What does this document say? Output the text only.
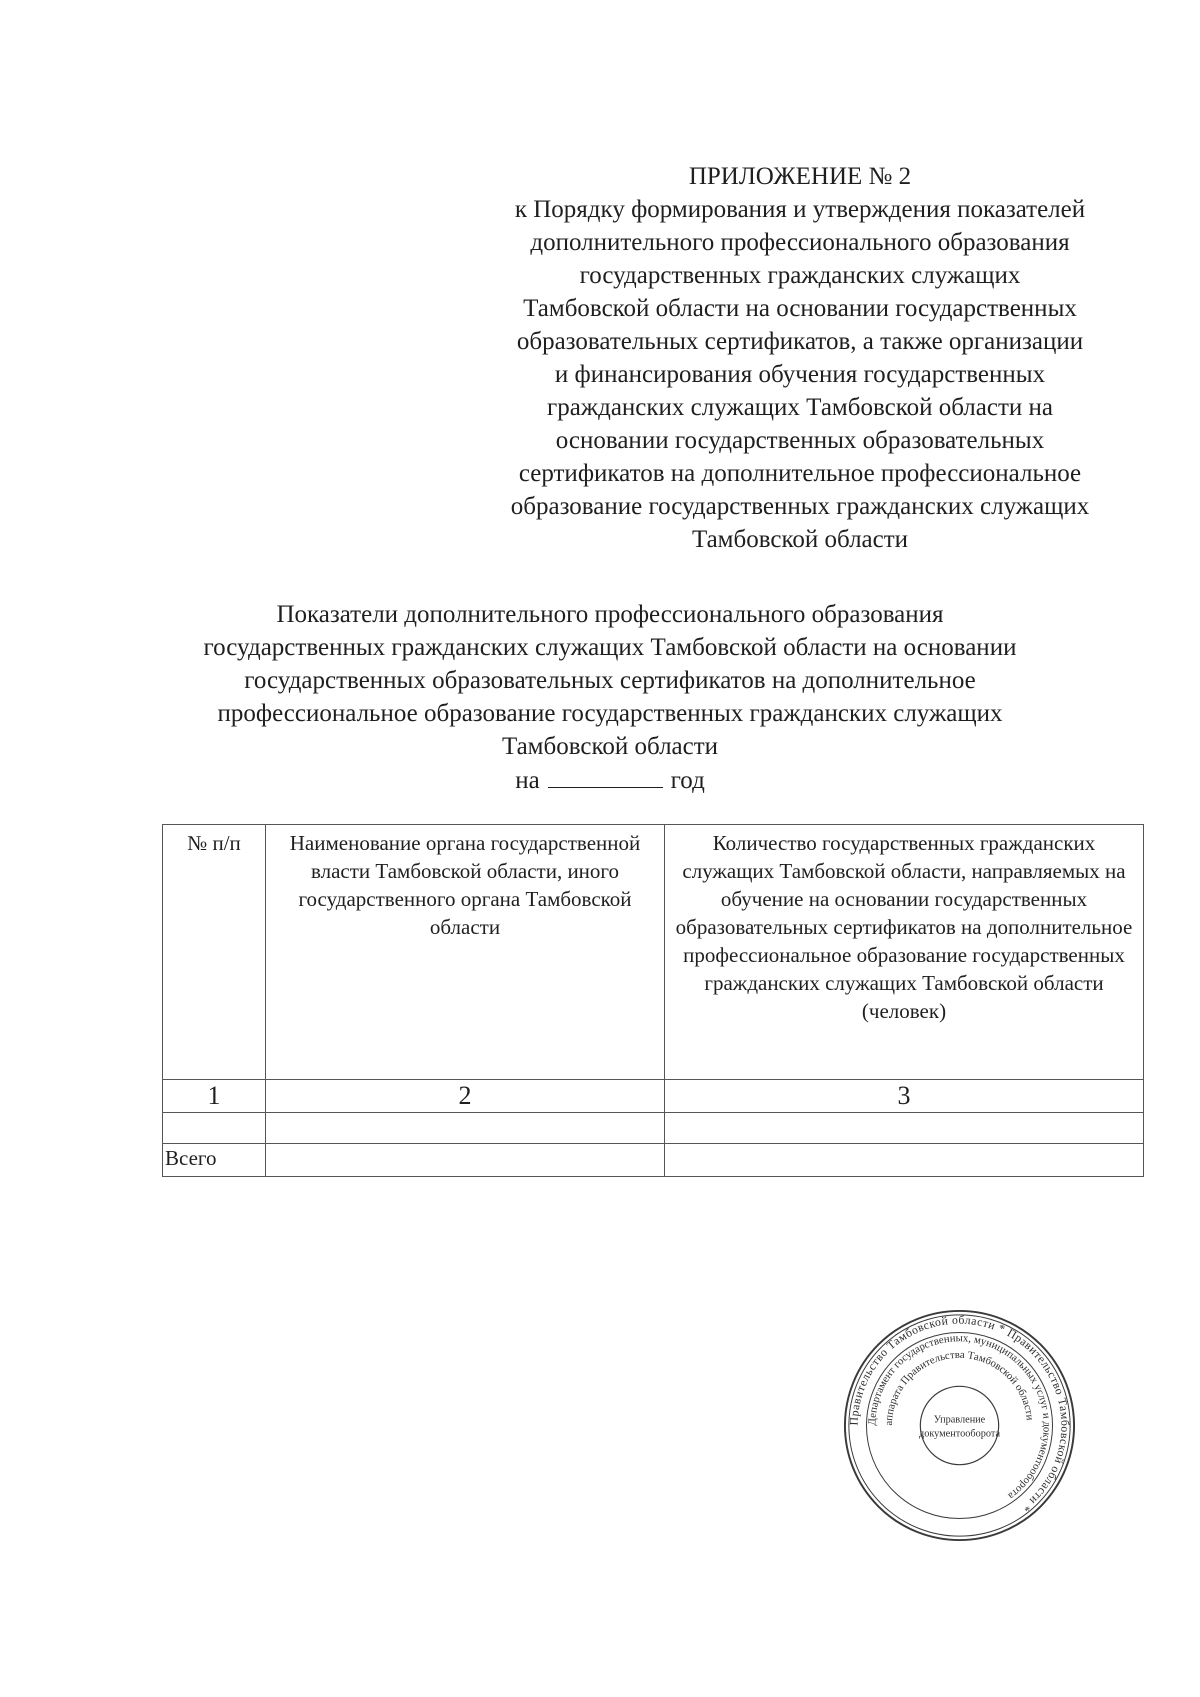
ПРИЛОЖЕНИЕ № 2
к Порядку формирования и утверждения показателей
дополнительного профессионального образования
государственных гражданских служащих
Тамбовской области на основании государственных
образовательных сертификатов, а также организации
и финансирования обучения государственных
гражданских служащих Тамбовской области на
основании государственных образовательных
сертификатов на дополнительное профессиональное
образование государственных гражданских служащих
Тамбовской области
Показатели дополнительного профессионального образования
государственных гражданских служащих Тамбовской области на основании
государственных образовательных сертификатов на дополнительное
профессиональное образование государственных гражданских служащих
Тамбовской области
на	год
№ п/п	Наименование органа государственной власти Тамбовской области, иного государственного органа Тамбовской области	Количество государственных гражданских служащих Тамбовской области, направляемых на обучение на основании государственных образовательных сертификатов на дополнительное профессиональное образование государственных гражданских служащих Тамбовской области (человек)
1	2	3

Всего		
Правительство Тамбовской области * Правительство Тамбовской области *
Департамент государственных, муниципальных услуг и документооборота
аппарата Правительства Тамбовской области
Управление
документооборота
